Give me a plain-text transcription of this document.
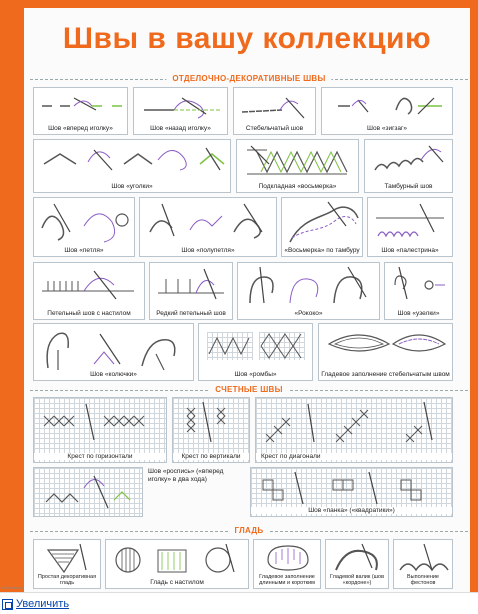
Швы в вашу коллекцию
ОТДЕЛОЧНО-ДЕКОРАТИВНЫЕ ШВЫ
Шов «вперед иголку»	Шов «назад иголку»	Стебельчатый шов	Шов «зигзаг»
Шов «уголки»	Подкладная «восьмерка»	Тамбурный шов
Шов «петля»	Шов «полупетля»	«Восьмерка» по тамбуру	Шов «палестрина»
Петельный шов с настилом	Редкий петельный шов	«Рококо»	Шов «узелки»
Шов «колючки»	Шов «ромбы»	Гладевое заполнение стебельчатым швом
СЧЕТНЫЕ ШВЫ
Крест по горизонтали	Крест по вертикали	Крест по диагонали
Шов «роспись» («вперед иголку» в два хода)
Шов «панка» («квадратики»)
ГЛАДЬ
Простая декоративная гладь	Гладь с настилом
Гладевое заполнение длинными и коротким
Гладевой валик (шов «кордоне»)
Выполнение фестонов
Liveinternet
Увеличить
